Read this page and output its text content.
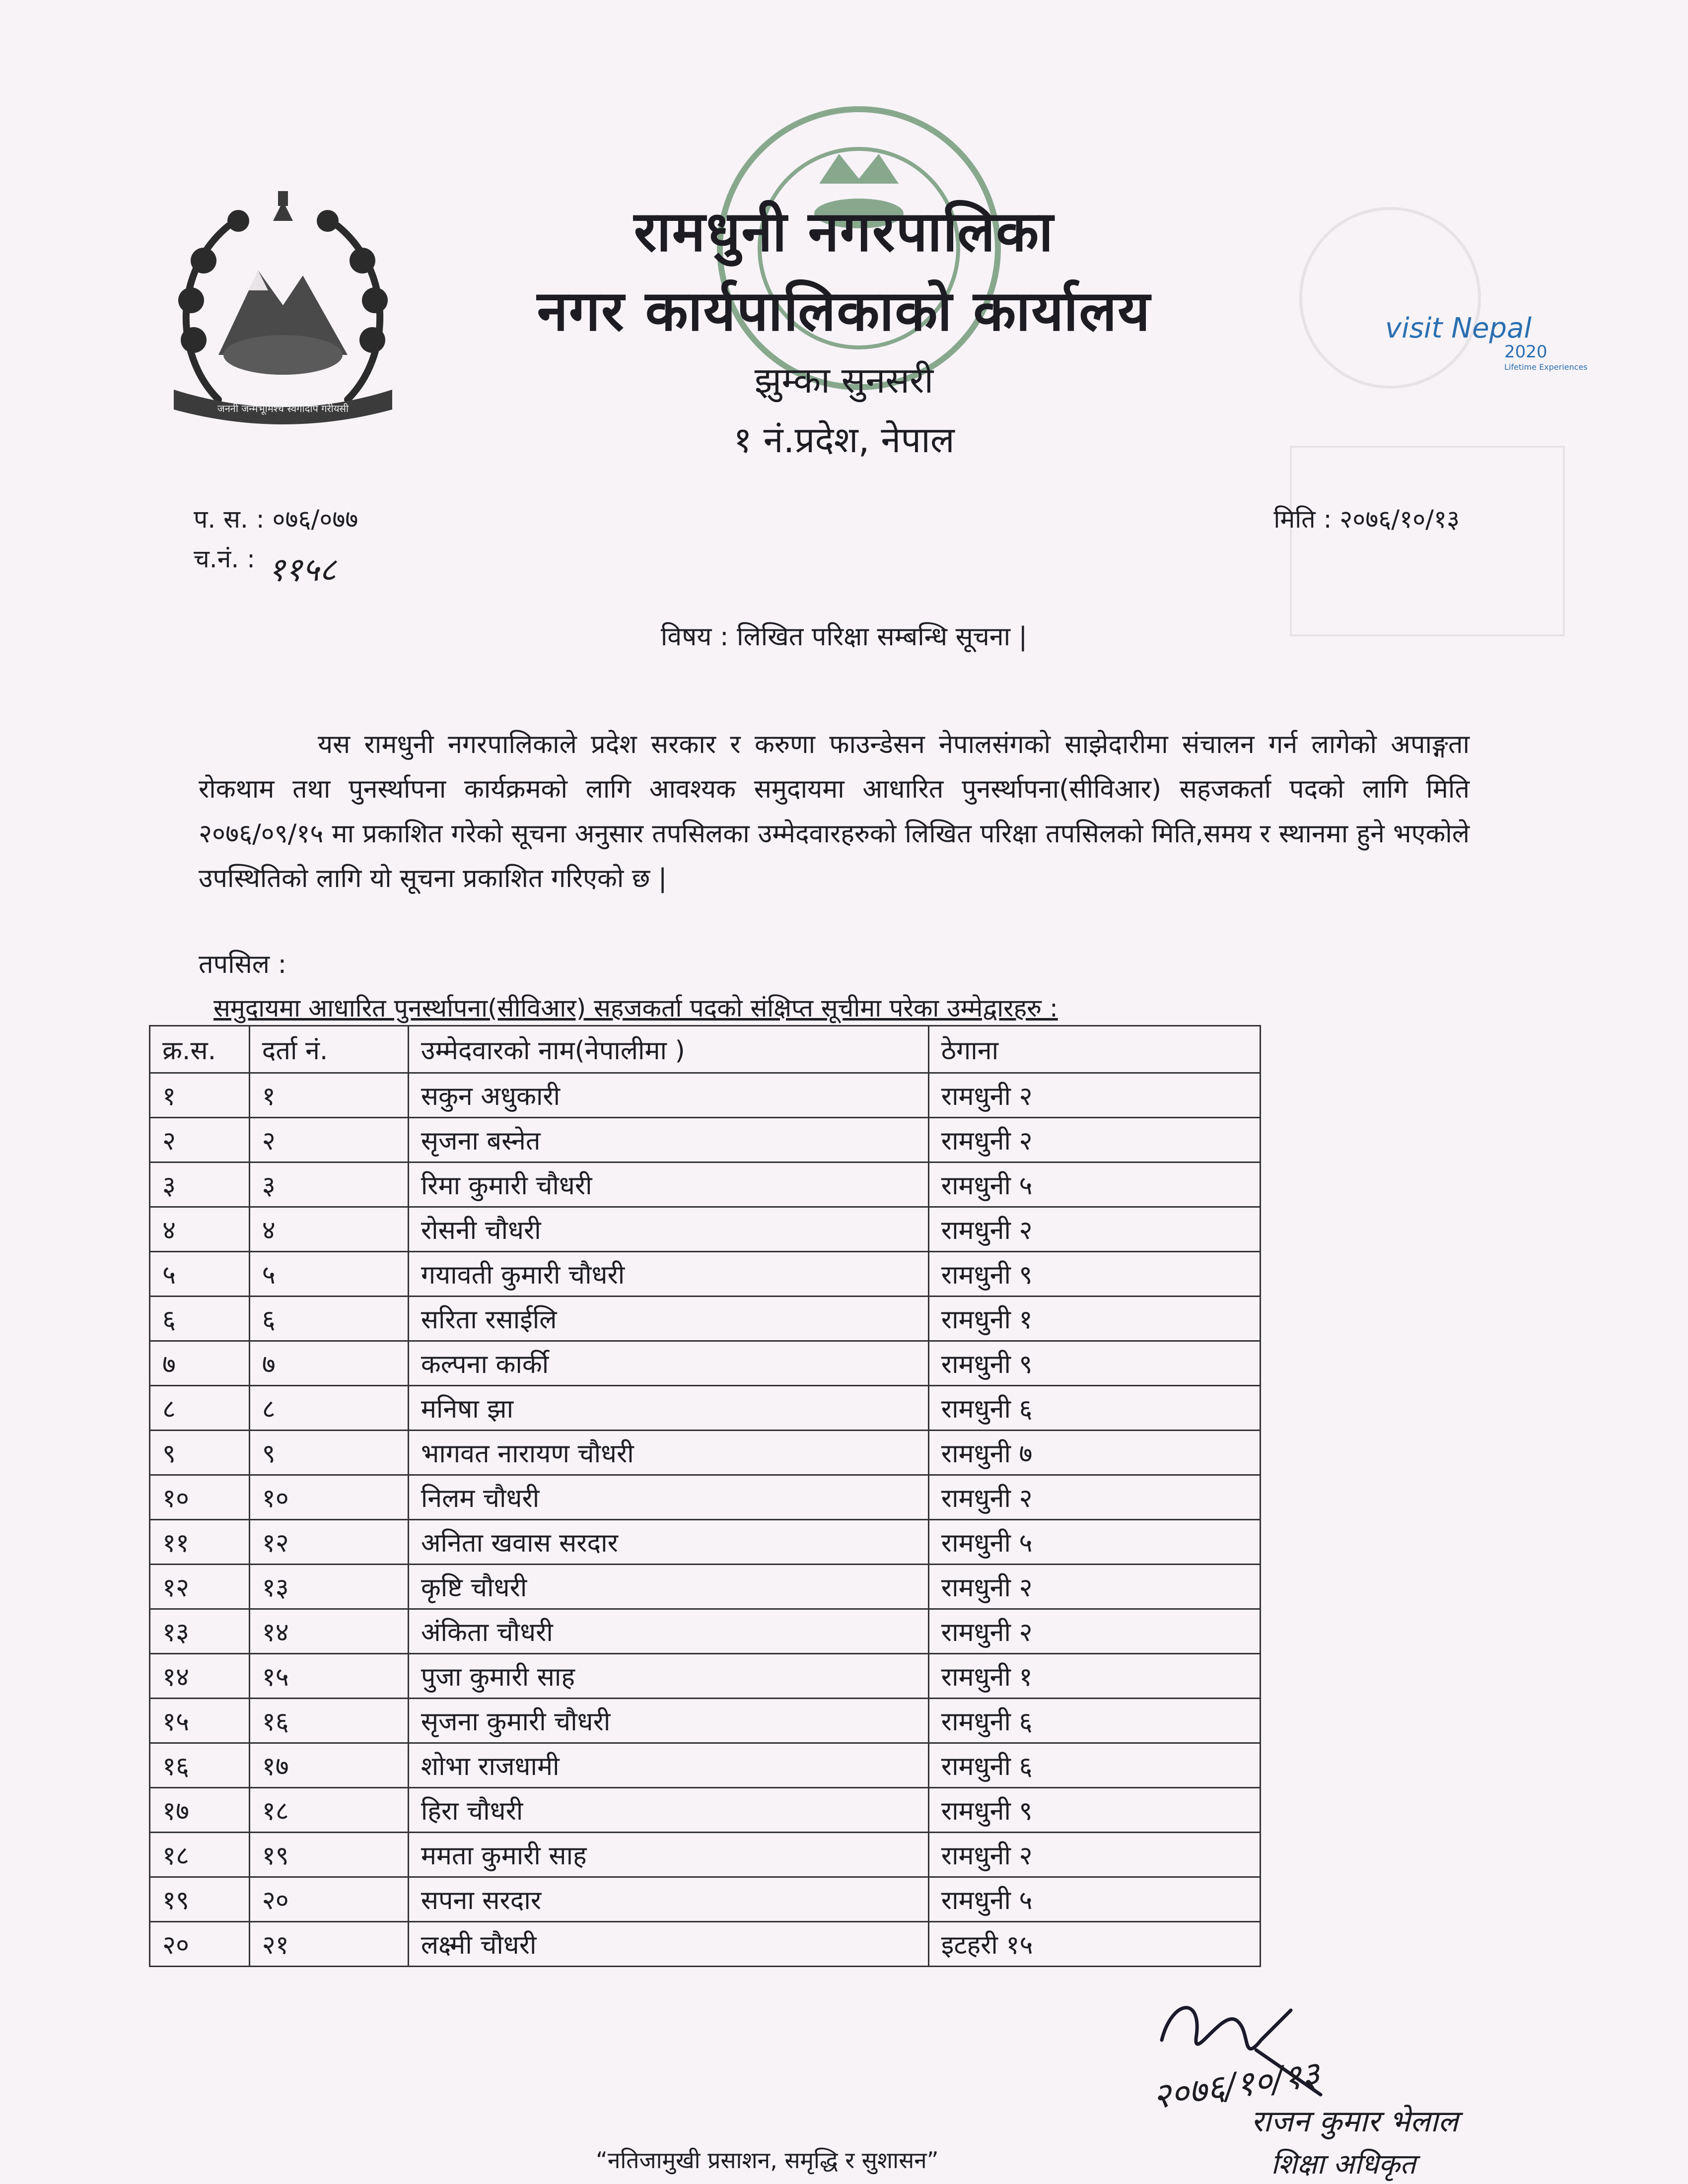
जननी जन्मभूमिश्च स्वर्गादपि गरीयसी
visit Nepal
2020
Lifetime Experiences
रामधुनी नगरपालिका
नगर कार्यपालिकाको कार्यालय
झुम्का सुनसरी
१ नं.प्रदेश, नेपाल
प. स. : ०७६/०७७
च.नं. : ११५८
मिति : २०७६/१०/१३
विषय : लिखित परिक्षा सम्बन्धि सूचना |

यस रामधुनी नगरपालिकाले प्रदेश सरकार र करुणा फाउन्डेसन नेपालसंगको साझेदारीमा संचालन गर्न लागेको अपाङ्गता रोकथाम तथा पुनर्स्थापना कार्यक्रमको लागि आवश्यक समुदायमा आधारित पुनर्स्थापना(सीविआर) सहजकर्ता पदको लागि मिति २०७६/०९/१५ मा प्रकाशित गरेको सूचना अनुसार तपसिलका उम्मेदवारहरुको लिखित परिक्षा तपसिलको मिति,समय र स्थानमा हुने भएकोले उपस्थितिको लागि यो सूचना प्रकाशित गरिएको छ |

तपसिल :
समुदायमा आधारित पुनर्स्थापना(सीविआर) सहजकर्ता पदको संक्षिप्त सूचीमा परेका उम्मेद्वारहरु :
क्र.स.	दर्ता नं.	उम्मेदवारको नाम(नेपालीमा )	ठेगाना
१	१	सकुन अधुकारी	रामधुनी २
२	२	सृजना बस्नेत	रामधुनी २
३	३	रिमा कुमारी चौधरी	रामधुनी ५
४	४	रोसनी चौधरी	रामधुनी २
५	५	गयावती कुमारी चौधरी	रामधुनी ९
६	६	सरिता रसाईलि	रामधुनी १
७	७	कल्पना कार्की	रामधुनी ९
८	८	मनिषा झा	रामधुनी ६
९	९	भागवत नारायण चौधरी	रामधुनी ७
१०	१०	निलम चौधरी	रामधुनी २
११	१२	अनिता खवास सरदार	रामधुनी ५
१२	१३	कृष्टि चौधरी	रामधुनी २
१३	१४	अंकिता चौधरी	रामधुनी २
१४	१५	पुजा कुमारी साह	रामधुनी १
१५	१६	सृजना कुमारी चौधरी	रामधुनी ६
१६	१७	शोभा राजधामी	रामधुनी ६
१७	१८	हिरा चौधरी	रामधुनी ९
१८	१९	ममता कुमारी साह	रामधुनी २
१९	२०	सपना सरदार	रामधुनी ५
२०	२१	लक्ष्मी चौधरी	इटहरी १५
२०७६/१०/१३
राजन कुमार भेलाल
शिक्षा अधिकृत
“नतिजामुखी प्रसाशन, समृद्धि र सुशासन”
